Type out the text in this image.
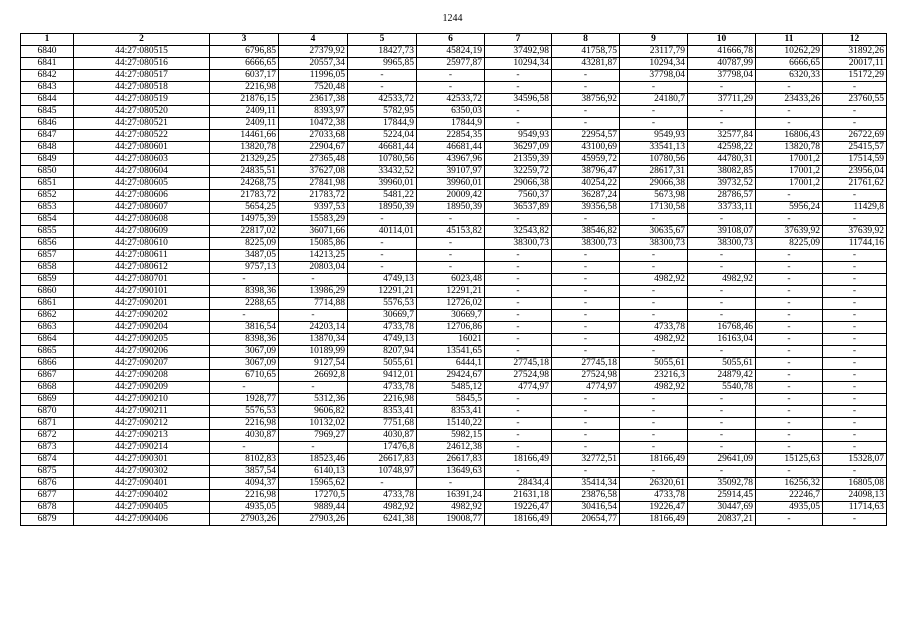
1244
1	2	3	4	5	6	7	8	9	10	11	12
6840	44:27:080515	6796,85	27379,92	18427,73	45824,19	37492,98	41758,75	23117,79	41666,78	10262,29	31892,26
6841	44:27:080516	6666,65	20557,34	9965,85	25977,87	10294,34	43281,87	10294,34	40787,99	6666,65	20017,11
6842	44:27:080517	6037,17	11996,05	-	-	-	-	37798,04	37798,04	6320,33	15172,29
6843	44:27:080518	2216,98	7520,48	-	-	-	-	-	-	-	-
6844	44:27:080519	21876,15	23617,38	42533,72	42533,72	34596,58	38756,92	24180,7	37711,29	23433,26	23760,55
6845	44:27:080520	2409,11	8393,97	5782,95	6350,03	-	-	-	-	-	-
6846	44:27:080521	2409,11	10472,38	17844,9	17844,9	-	-	-	-	-	-
6847	44:27:080522	14461,66	27033,68	5224,04	22854,35	9549,93	22954,57	9549,93	32577,84	16806,43	26722,69
6848	44:27:080601	13820,78	22904,67	46681,44	46681,44	36297,09	43100,69	33541,13	42598,22	13820,78	25415,57
6849	44:27:080603	21329,25	27365,48	10780,56	43967,96	21359,39	45959,72	10780,56	44780,31	17001,2	17514,59
6850	44:27:080604	24835,51	37627,08	33432,52	39107,97	32259,72	38796,47	28617,31	38082,85	17001,2	23956,04
6851	44:27:080605	24268,75	27841,98	39960,01	39960,01	29066,38	40254,22	29066,38	39732,52	17001,2	21761,62
6852	44:27:080606	21783,72	21783,72	5481,22	20009,42	7560,37	36287,24	5673,98	28786,57	-	-
6853	44:27:080607	5654,25	9397,53	18950,39	18950,39	36537,89	39356,58	17130,58	33733,11	5956,24	11429,8
6854	44:27:080608	14975,39	15583,29	-	-	-	-	-	-	-	-
6855	44:27:080609	22817,02	36071,66	40114,01	45153,82	32543,82	38546,82	30635,67	39108,07	37639,92	37639,92
6856	44:27:080610	8225,09	15085,86	-	-	38300,73	38300,73	38300,73	38300,73	8225,09	11744,16
6857	44:27:080611	3487,05	14213,25	-	-	-	-	-	-	-	-
6858	44:27:080612	9757,13	20803,04	-	-	-	-	-	-	-	-
6859	44:27:080701	-	-	4749,13	6023,48	-	-	4982,92	4982,92	-	-
6860	44:27:090101	8398,36	13986,29	12291,21	12291,21	-	-	-	-	-	-
6861	44:27:090201	2288,65	7714,88	5576,53	12726,02	-	-	-	-	-	-
6862	44:27:090202	-	-	30669,7	30669,7	-	-	-	-	-	-
6863	44:27:090204	3816,54	24203,14	4733,78	12706,86	-	-	4733,78	16768,46	-	-
6864	44:27:090205	8398,36	13870,34	4749,13	16021	-	-	4982,92	16163,04	-	-
6865	44:27:090206	3067,09	10189,99	8207,94	13541,65	-	-	-	-	-	-
6866	44:27:090207	3067,09	9127,54	5055,61	6444,1	27745,18	27745,18	5055,61	5055,61	-	-
6867	44:27:090208	6710,65	26692,8	9412,01	29424,67	27524,98	27524,98	23216,3	24879,42	-	-
6868	44:27:090209	-	-	4733,78	5485,12	4774,97	4774,97	4982,92	5540,78	-	-
6869	44:27:090210	1928,77	5312,36	2216,98	5845,5	-	-	-	-	-	-
6870	44:27:090211	5576,53	9606,82	8353,41	8353,41	-	-	-	-	-	-
6871	44:27:090212	2216,98	10132,02	7751,68	15140,22	-	-	-	-	-	-
6872	44:27:090213	4030,87	7969,27	4030,87	5982,15	-	-	-	-	-	-
6873	44:27:090214	-	-	17476,8	24612,38	-	-	-	-	-	-
6874	44:27:090301	8102,83	18523,46	26617,83	26617,83	18166,49	32772,51	18166,49	29641,09	15125,63	15328,07
6875	44:27:090302	3857,54	6140,13	10748,97	13649,63	-	-	-	-	-	-
6876	44:27:090401	4094,37	15965,62	-	-	28434,4	35414,34	26320,61	35092,78	16256,32	16805,08
6877	44:27:090402	2216,98	17270,5	4733,78	16391,24	21631,18	23876,58	4733,78	25914,45	22246,7	24098,13
6878	44:27:090405	4935,05	9889,44	4982,92	4982,92	19226,47	30416,54	19226,47	30447,69	4935,05	11714,63
6879	44:27:090406	27903,26	27903,26	6241,38	19008,77	18166,49	20654,77	18166,49	20837,21	-	-
